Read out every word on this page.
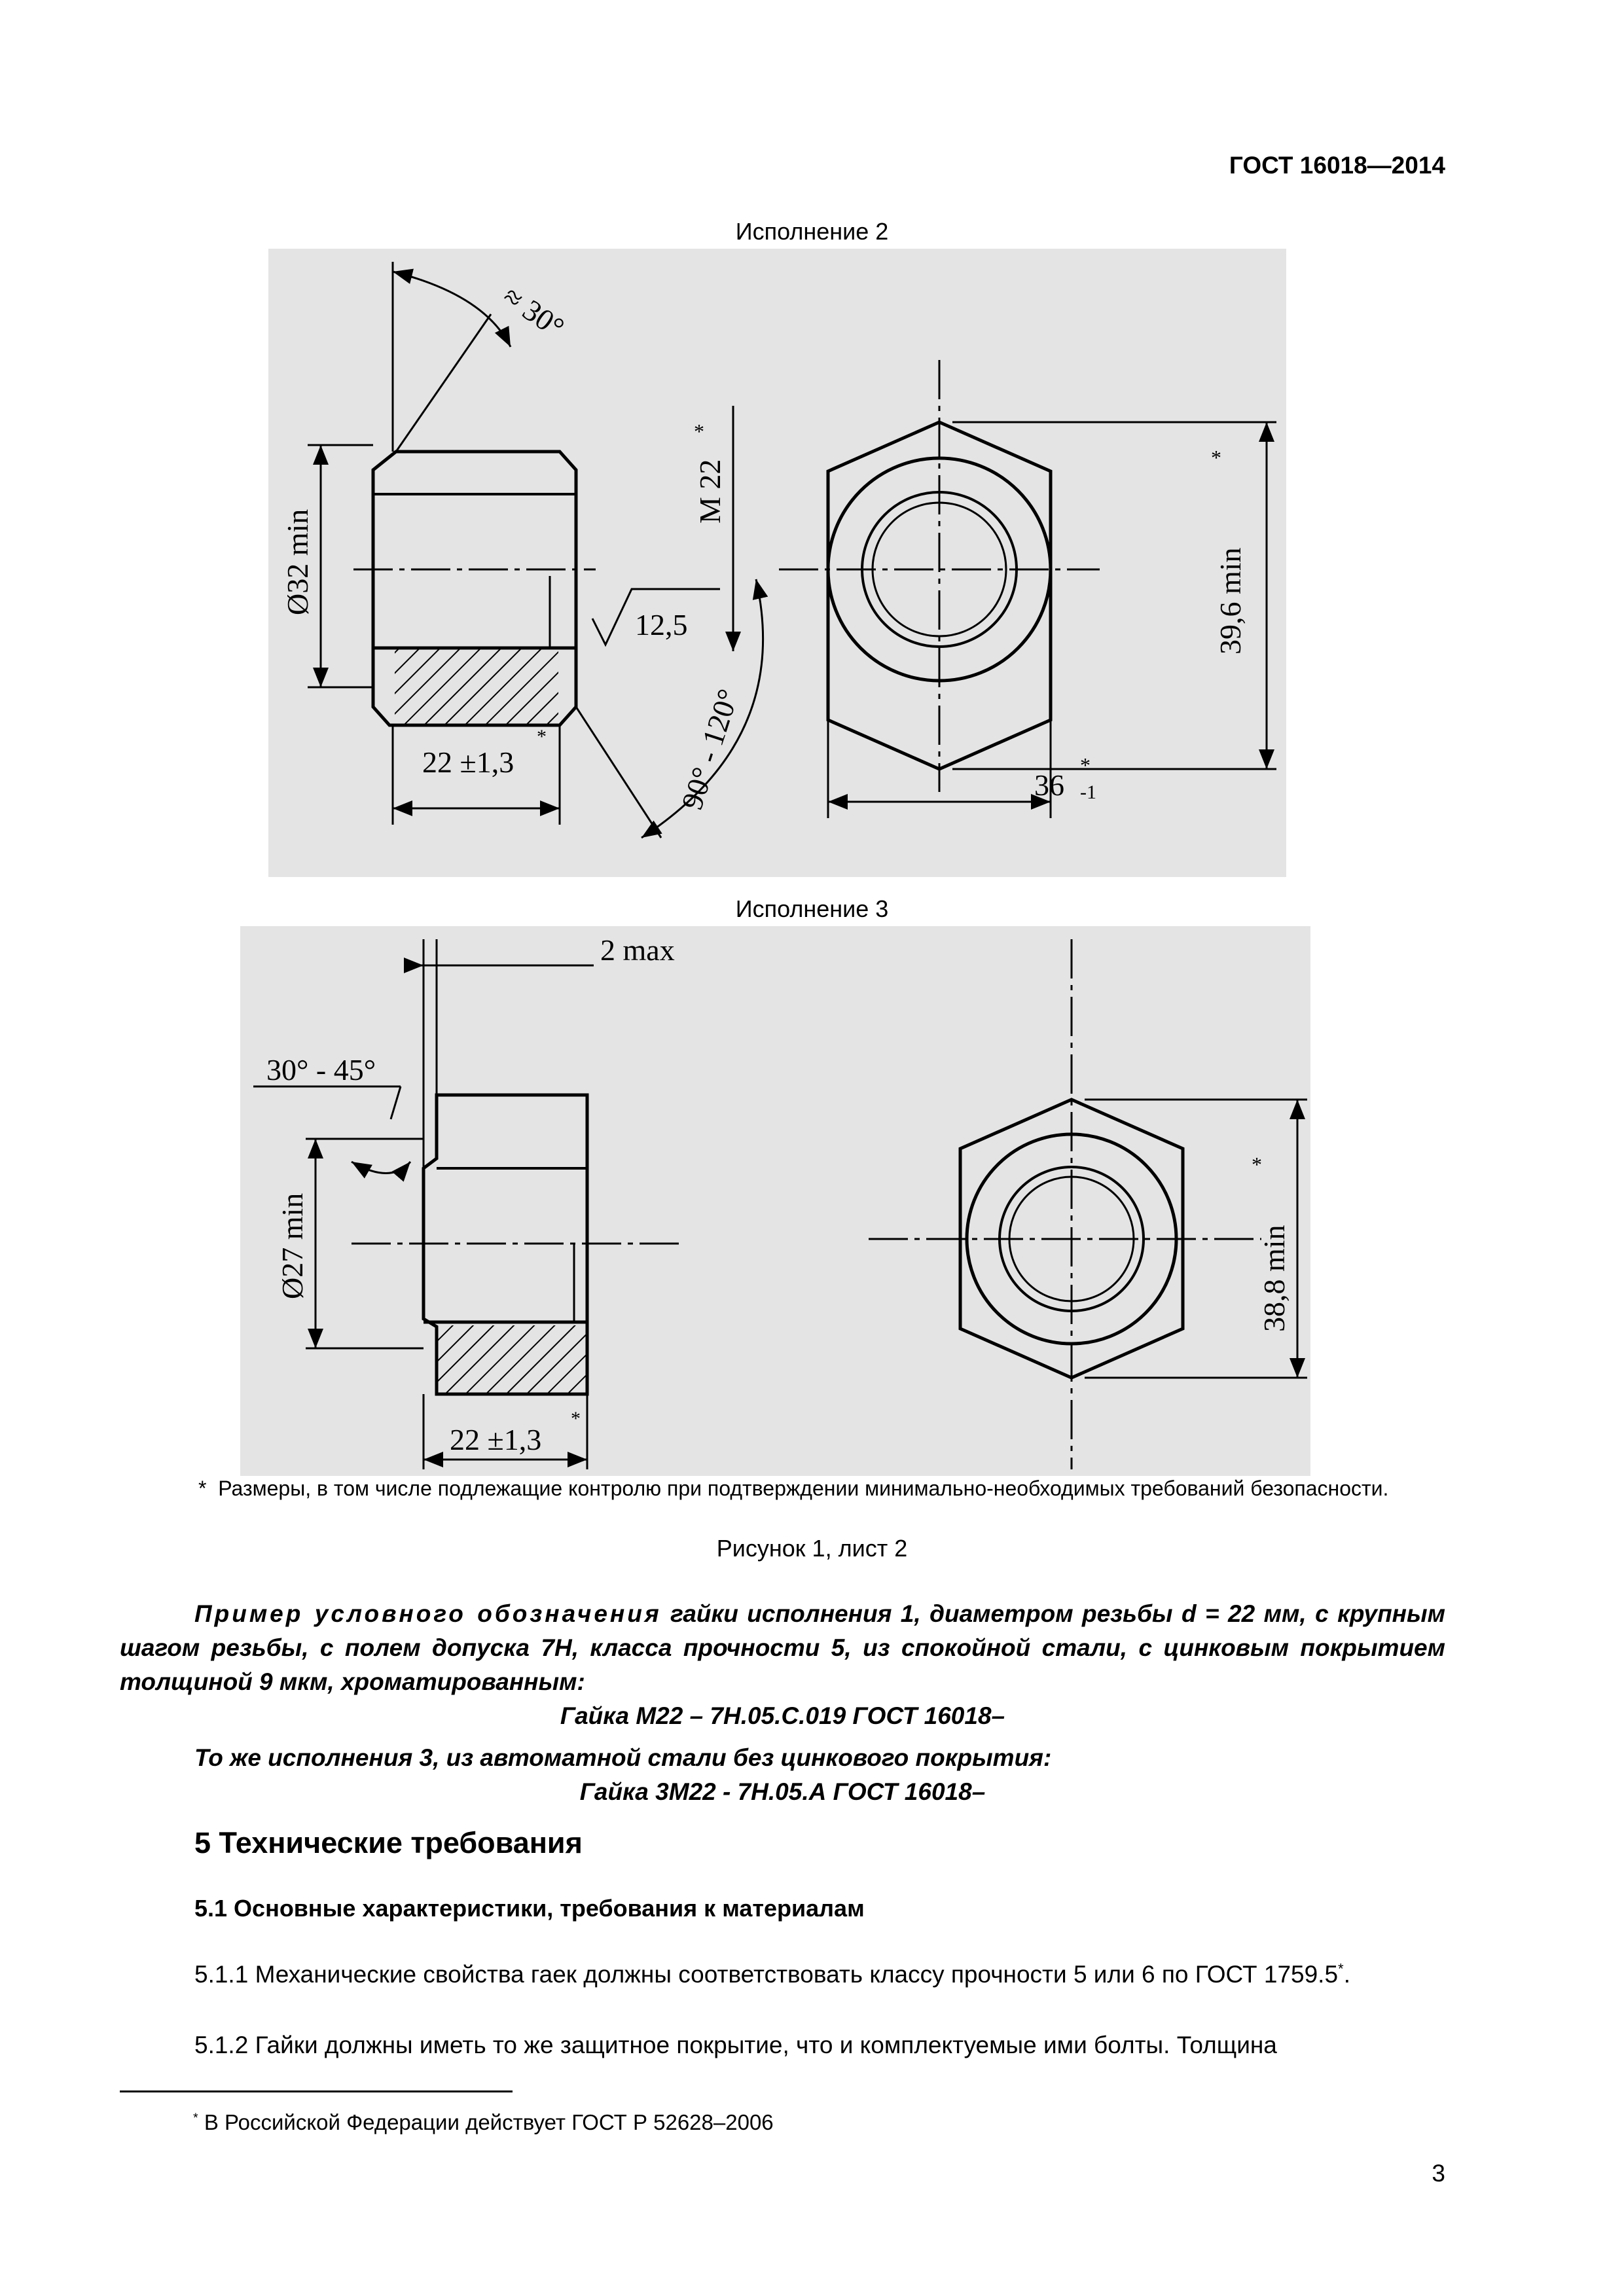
ГОСТ 16018—2014
Исполнение 2
≈ 30°
Ø32 min
M 22
*
12,5
90° - 120°
22 ±1,3
*
39,6 min
*
36
*
-1
Исполнение 3
2 max
30° - 45°
Ø27 min
22 ±1,3
*
38,8 min
*
* Размеры, в том числе подлежащие контролю при подтверждении минимально-необходимых требований безопасности.
Рисунок 1, лист 2
Пример условного обозначения гайки исполнения 1, диаметром резьбы d = 22 мм, с крупным шагом резьбы, с полем допуска 7H, класса прочности 5, из спокойной стали, с цинковым покрытием толщиной 9 мкм, хроматированным:
Гайка М22 – 7Н.05.С.019 ГОСТ 16018–
То же исполнения 3, из автоматной стали без цинкового покрытия:
Гайка 3М22 - 7Н.05.А ГОСТ 16018–
5 Технические требования
5.1 Основные характеристики, требования к материалам
5.1.1 Механические свойства гаек должны соответствовать классу прочности 5 или 6 по ГОСТ 1759.5*.
5.1.2 Гайки должны иметь то же защитное покрытие, что и комплектуемые ими болты. Толщина
* В Российской Федерации действует ГОСТ Р 52628–2006
3
